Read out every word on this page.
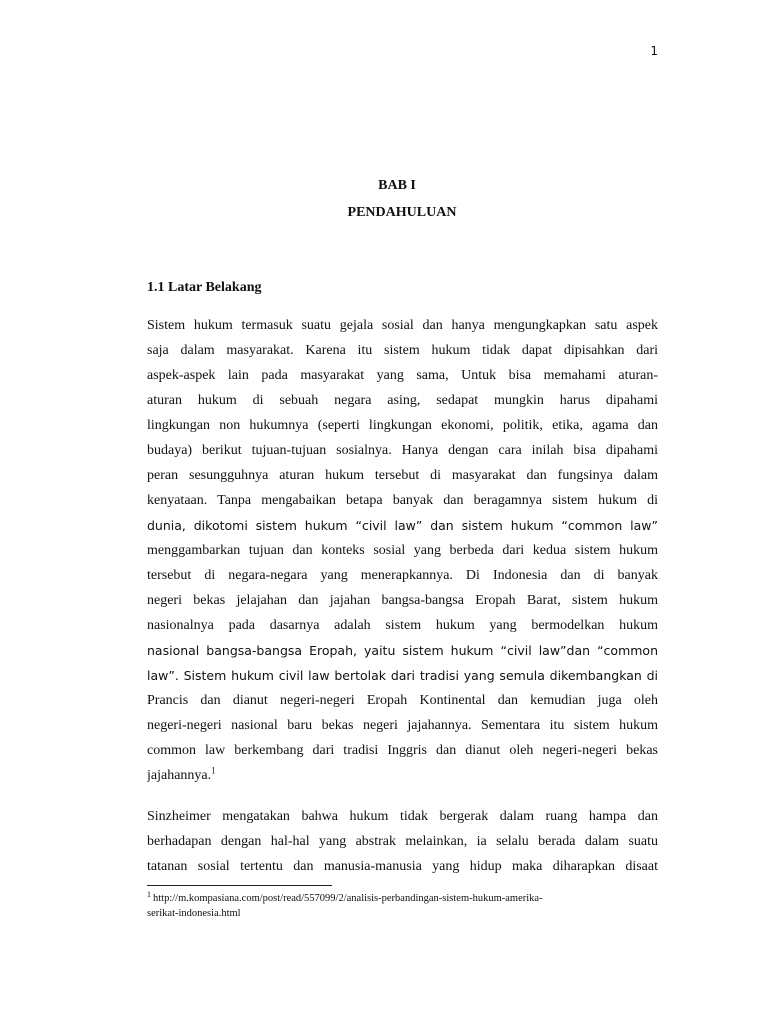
1
BAB I
PENDAHULUAN
1.1 Latar Belakang
Sistem hukum termasuk suatu gejala sosial dan hanya mengungkapkan satu aspek
saja dalam masyarakat. Karena itu sistem hukum tidak dapat dipisahkan dari
aspek-aspek lain pada masyarakat yang sama, Untuk bisa memahami aturan-
aturan hukum di sebuah negara asing, sedapat mungkin harus dipahami
lingkungan non hukumnya (seperti lingkungan ekonomi, politik, etika, agama dan
budaya) berikut tujuan-tujuan sosialnya. Hanya dengan cara inilah bisa dipahami
peran sesungguhnya aturan hukum tersebut di masyarakat dan fungsinya dalam
kenyataan. Tanpa mengabaikan betapa banyak dan beragamnya sistem hukum di
dunia, dikotomi sistem hukum “civil law” dan sistem hukum “common law”
menggambarkan tujuan dan konteks sosial yang berbeda dari kedua sistem hukum
tersebut di negara-negara yang menerapkannya. Di Indonesia dan di banyak
negeri bekas jelajahan dan jajahan bangsa-bangsa Eropah Barat, sistem hukum
nasionalnya pada dasarnya adalah sistem hukum yang bermodelkan hukum
nasional bangsa-bangsa Eropah, yaitu sistem hukum “civil law”dan “common
law”. Sistem hukum civil law bertolak dari tradisi yang semula dikembangkan di
Prancis dan dianut negeri-negeri Eropah Kontinental dan kemudian juga oleh
negeri-negeri nasional baru bekas negeri jajahannya. Sementara itu sistem hukum
common law berkembang dari tradisi Inggris dan dianut oleh negeri-negeri bekas
jajahannya.$^1$
Sinzheimer mengatakan bahwa hukum tidak bergerak dalam ruang hampa dan
berhadapan dengan hal-hal yang abstrak melainkan, ia selalu berada dalam suatu
tatanan sosial tertentu dan manusia-manusia yang hidup maka diharapkan disaat
$^1$ http://m.kompasiana.com/post/read/557099/2/analisis-perbandingan-sistem-hukum-amerika-
serikat-indonesia.html
